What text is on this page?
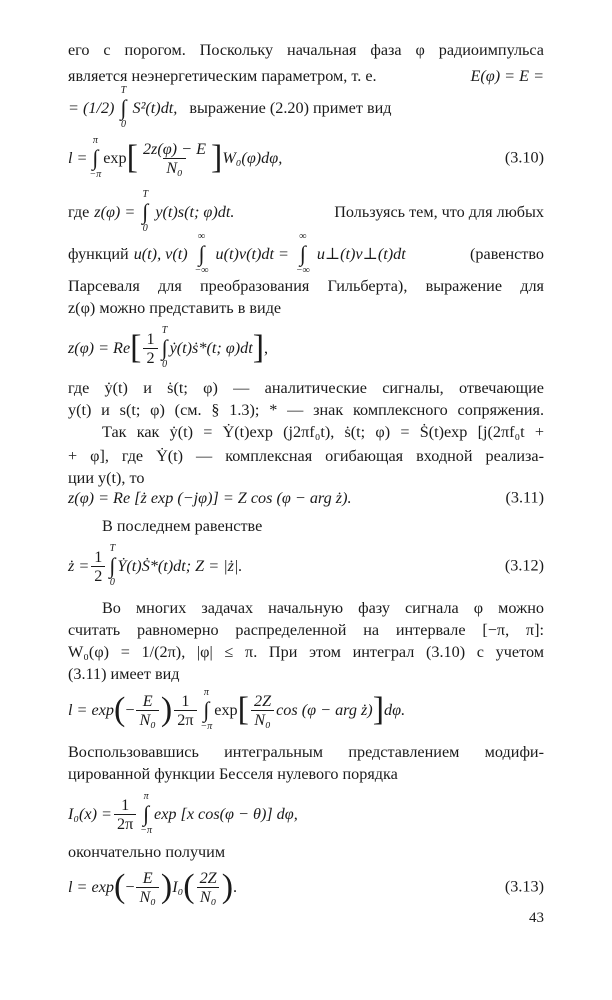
его с порогом. Поскольку начальная фаза φ радиоимпульса
является неэнергетическим параметром, т. е.	E(φ) = E =
= (1/2)
T
∫
0
S²(t)dt, выражение (2.20) примет вид
l =
π
∫
−π
exp [ $\frac{2z(\varphi) - E}{\text{N₀}}$ ] W₀(φ)dφ,	(3.10)
где z(φ) =
T
∫
0
y(t)s(t; φ)dt.	Пользуясь тем, что для любых
функций u(t), v(t)
∞
∫
−∞
u(t)v(t)dt =
∞
∫
−∞
u⊥(t)v⊥(t)dt	(равенство
Парсеваля для преобразования Гильберта), выражение для
z(φ) можно представить в виде
z(φ) = Re [ $\frac{1}{2}$ T
∫
0
ẏ(t)ṡ*(t; φ)dt ] ,
где ẏ(t) и ṡ(t; φ) — аналитические сигналы, отвечающие
y(t) и s(t; φ) (см. § 1.3); * — знак комплексного сопряжения.
Так как ẏ(t) = Ẏ(t)exp (j2πf₀t), ṡ(t; φ) = Ṡ(t)exp [j(2πf₀t +
+ φ], где Ẏ(t) — комплексная огибающая входной реализа-
ции y(t), то
z(φ) = Re [ż exp (−jφ)] = Z cos (φ − arg ż).	(3.11)
В последнем равенстве
ż = $\frac{1}{2}$ T
∫
0
Ẏ(t)Ṡ*(t)dt; Z = |ż|.	(3.12)
Во многих задачах начальную фазу сигнала φ можно
считать равномерно распределенной на интервале [−π, π]:
W₀(φ) = 1/(2π), |φ| ≤ π. При этом интеграл (3.10) с учетом
(3.11) имеет вид
l = exp ( − $\frac{E}{\text{N₀}}$ ) $\frac{1}{2\pi}$ π
∫
−π
exp [ $\frac{2Z}{\text{N₀}}$ cos (φ − arg ż) ] dφ.
Воспользовавшись интегральным представлением модифи-
цированной функции Бесселя нулевого порядка
$I_0(x) = \frac{1}{2\pi}$ π
∫
−π
exp [x cos(φ − θ)] dφ,
окончательно получим
l = exp ( − $\frac{E}{\text{N₀}}$ ) I₀ ( $\frac{2Z}{\text{N₀}}$ ) .	(3.13)
43
